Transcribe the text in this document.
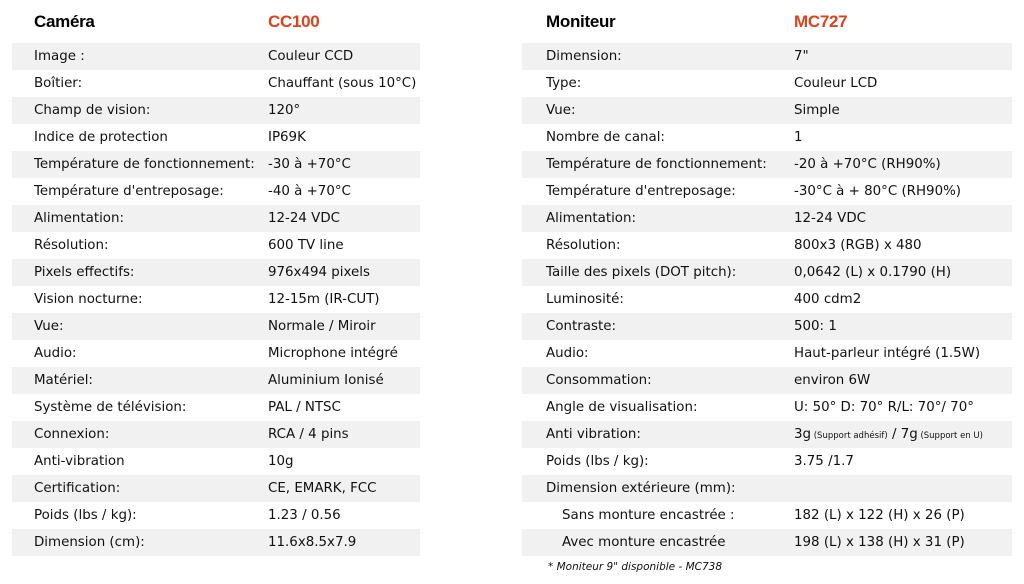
Caméra	CC100
Image :	Couleur CCD
Boîtier:	Chauffant (sous 10°C)
Champ de vision:	120°
Indice de protection	IP69K
Température de fonctionnement: -30 à +70°C
Température d'entreposage:	-40 à +70°C
Alimentation:	12-24 VDC
Résolution:	600 TV line
Pixels effectifs:	976x494 pixels
Vision nocturne:	12-15m (IR-CUT)
Vue:	Normale / Miroir
Audio:	Microphone intégré
Matériel:	Aluminium Ionisé
Système de télévision:	PAL / NTSC
Connexion:	RCA / 4 pins
Anti-vibration	10g
Certification:	CE, EMARK, FCC
Poids (lbs / kg):	1.23 / 0.56
Dimension (cm):	11.6x8.5x7.9
Moniteur	MC727
Dimension:	7"
Type:	Couleur LCD
Vue:	Simple
Nombre de canal:	1
Température de fonctionnement: -20 à +70°C (RH90%)
Température d'entreposage:	-30°C à + 80°C (RH90%)
Alimentation:	12-24 VDC
Résolution:	800x3 (RGB) x 480
Taille des pixels (DOT pitch):	0,0642 (L) x 0.1790 (H)
Luminosité:	400 cdm2
Contraste:	500: 1
Audio:	Haut-parleur intégré (1.5W)
Consommation:	environ 6W
Angle de visualisation:	U: 50° D: 70° R/L: 70°/ 70°
Anti vibration:	3g (Support adhésif) / 7g (Support en U)
Poids (lbs / kg):	3.75 /1.7
Dimension extérieure (mm):
Sans monture encastrée :	182 (L) x 122 (H) x 26 (P)
Avec monture encastrée	198 (L) x 138 (H) x 31 (P)
* Moniteur 9" disponible - MC738
